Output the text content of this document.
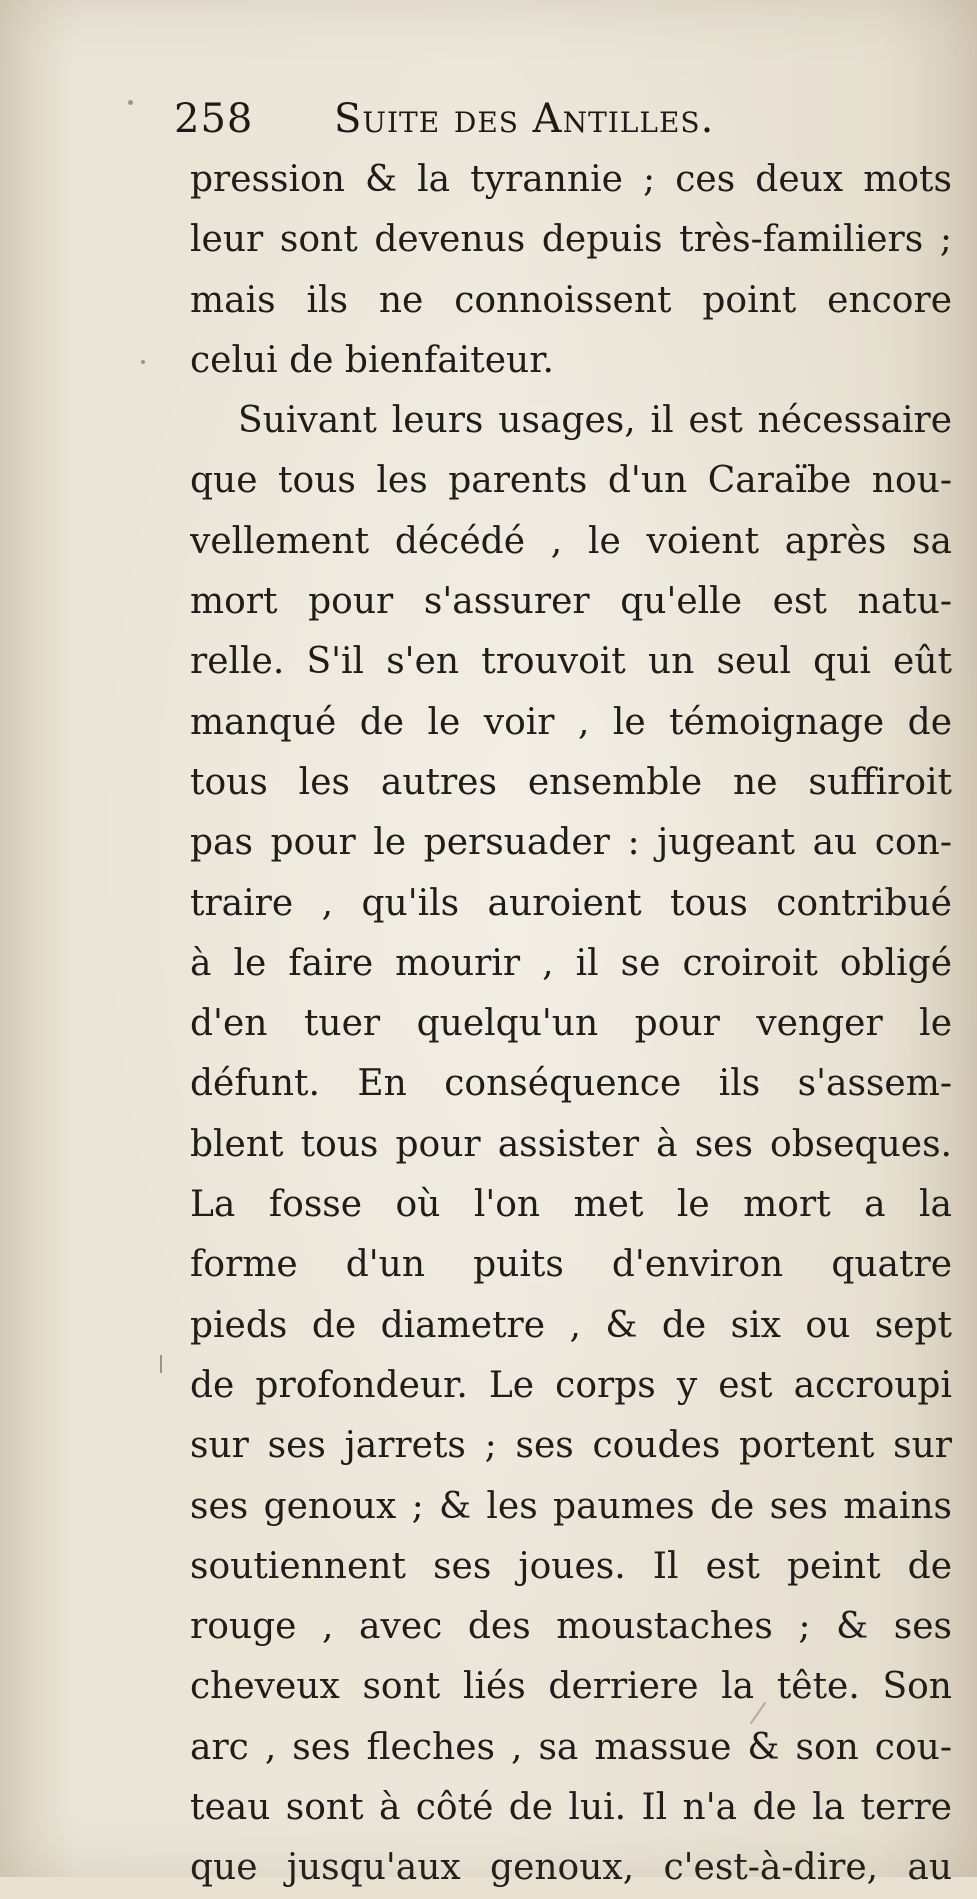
258 Suite des Antilles.
pression & la tyrannie ; ces deux mots
leur sont devenus depuis très-familiers ;
mais ils ne connoissent point encore
celui de bienfaiteur.
Suivant leurs usages, il est nécessaire
que tous les parents d'un Caraïbe nou-
vellement décédé , le voient après sa
mort pour s'assurer qu'elle est natu-
relle. S'il s'en trouvoit un seul qui eût
manqué de le voir , le témoignage de
tous les autres ensemble ne suffiroit
pas pour le persuader : jugeant au con-
traire , qu'ils auroient tous contribué
à le faire mourir , il se croiroit obligé
d'en tuer quelqu'un pour venger le
défunt. En conséquence ils s'assem-
blent tous pour assister à ses obseques.
La fosse où l'on met le mort a la
forme d'un puits d'environ quatre
pieds de diametre , & de six ou sept
de profondeur. Le corps y est accroupi
sur ses jarrets ; ses coudes portent sur
ses genoux ; & les paumes de ses mains
soutiennent ses joues. Il est peint de
rouge , avec des moustaches ; & ses
cheveux sont liés derriere la tête. Son
arc , ses fleches , sa massue & son cou-
teau sont à côté de lui. Il n'a de la terre
que jusqu'aux genoux, c'est-à-dire, au
